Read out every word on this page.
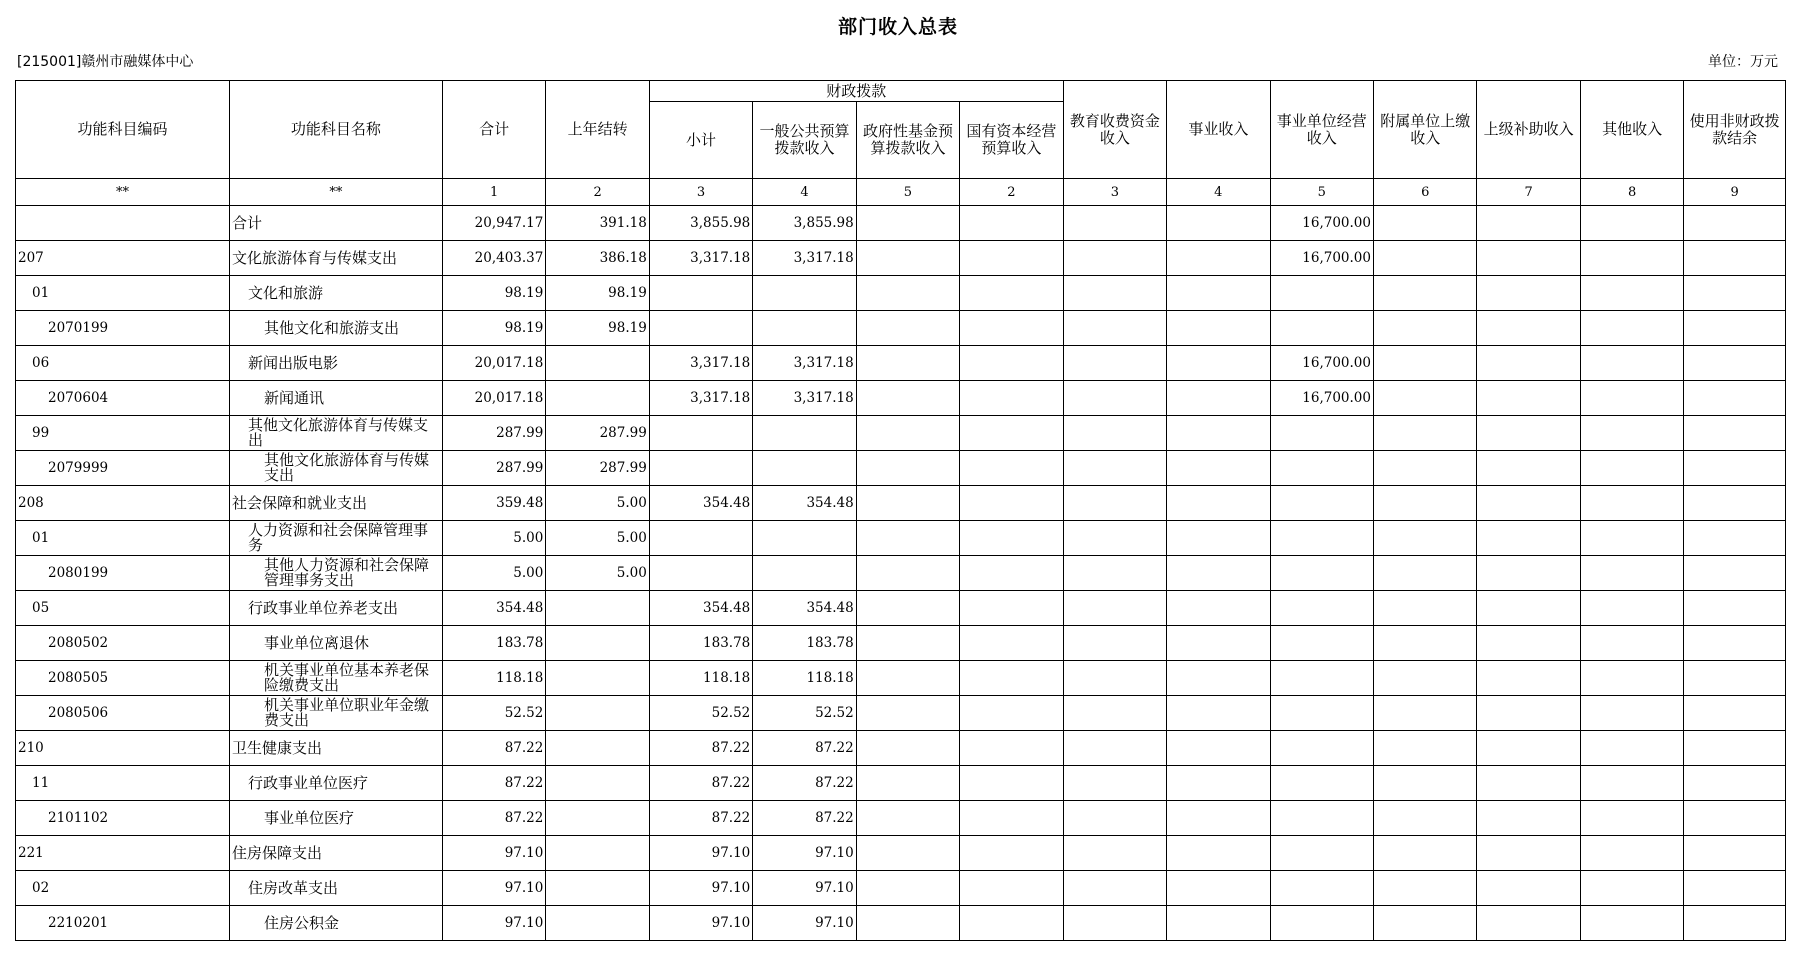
部门收入总表
[215001]赣州市融媒体中心	单位：万元
功能科目编码	功能科目名称	合计	上年结转	财政拨款				教育收费资金收入	事业收入	事业单位经营收入	附属单位上缴收入	上级补助收入	其他收入	使用非财政拨款结余
				小计	一般公共预算拨款收入	政府性基金预算拨款收入	国有资本经营预算收入							
**	**	1	2	3	4	5	2	3	4	5	6	7	8	9
	合计	20,947.17	391.18	3,855.98	3,855.98					16,700.00				
207	文化旅游体育与传媒支出	20,403.37	386.18	3,317.18	3,317.18					16,700.00				
01	文化和旅游	98.19	98.19											
2070199	其他文化和旅游支出	98.19	98.19											
06	新闻出版电影	20,017.18		3,317.18	3,317.18					16,700.00				
2070604	新闻通讯	20,017.18		3,317.18	3,317.18					16,700.00				
99	其他文化旅游体育与传媒支出	287.99	287.99											
2079999	其他文化旅游体育与传媒支出	287.99	287.99											
208	社会保障和就业支出	359.48	5.00	354.48	354.48									
01	人力资源和社会保障管理事务	5.00	5.00											
2080199	其他人力资源和社会保障管理事务支出	5.00	5.00											
05	行政事业单位养老支出	354.48		354.48	354.48									
2080502	事业单位离退休	183.78		183.78	183.78									
2080505	机关事业单位基本养老保险缴费支出	118.18		118.18	118.18									
2080506	机关事业单位职业年金缴费支出	52.52		52.52	52.52									
210	卫生健康支出	87.22		87.22	87.22									
11	行政事业单位医疗	87.22		87.22	87.22									
2101102	事业单位医疗	87.22		87.22	87.22									
221	住房保障支出	97.10		97.10	97.10									
02	住房改革支出	97.10		97.10	97.10									
2210201	住房公积金	97.10		97.10	97.10									
